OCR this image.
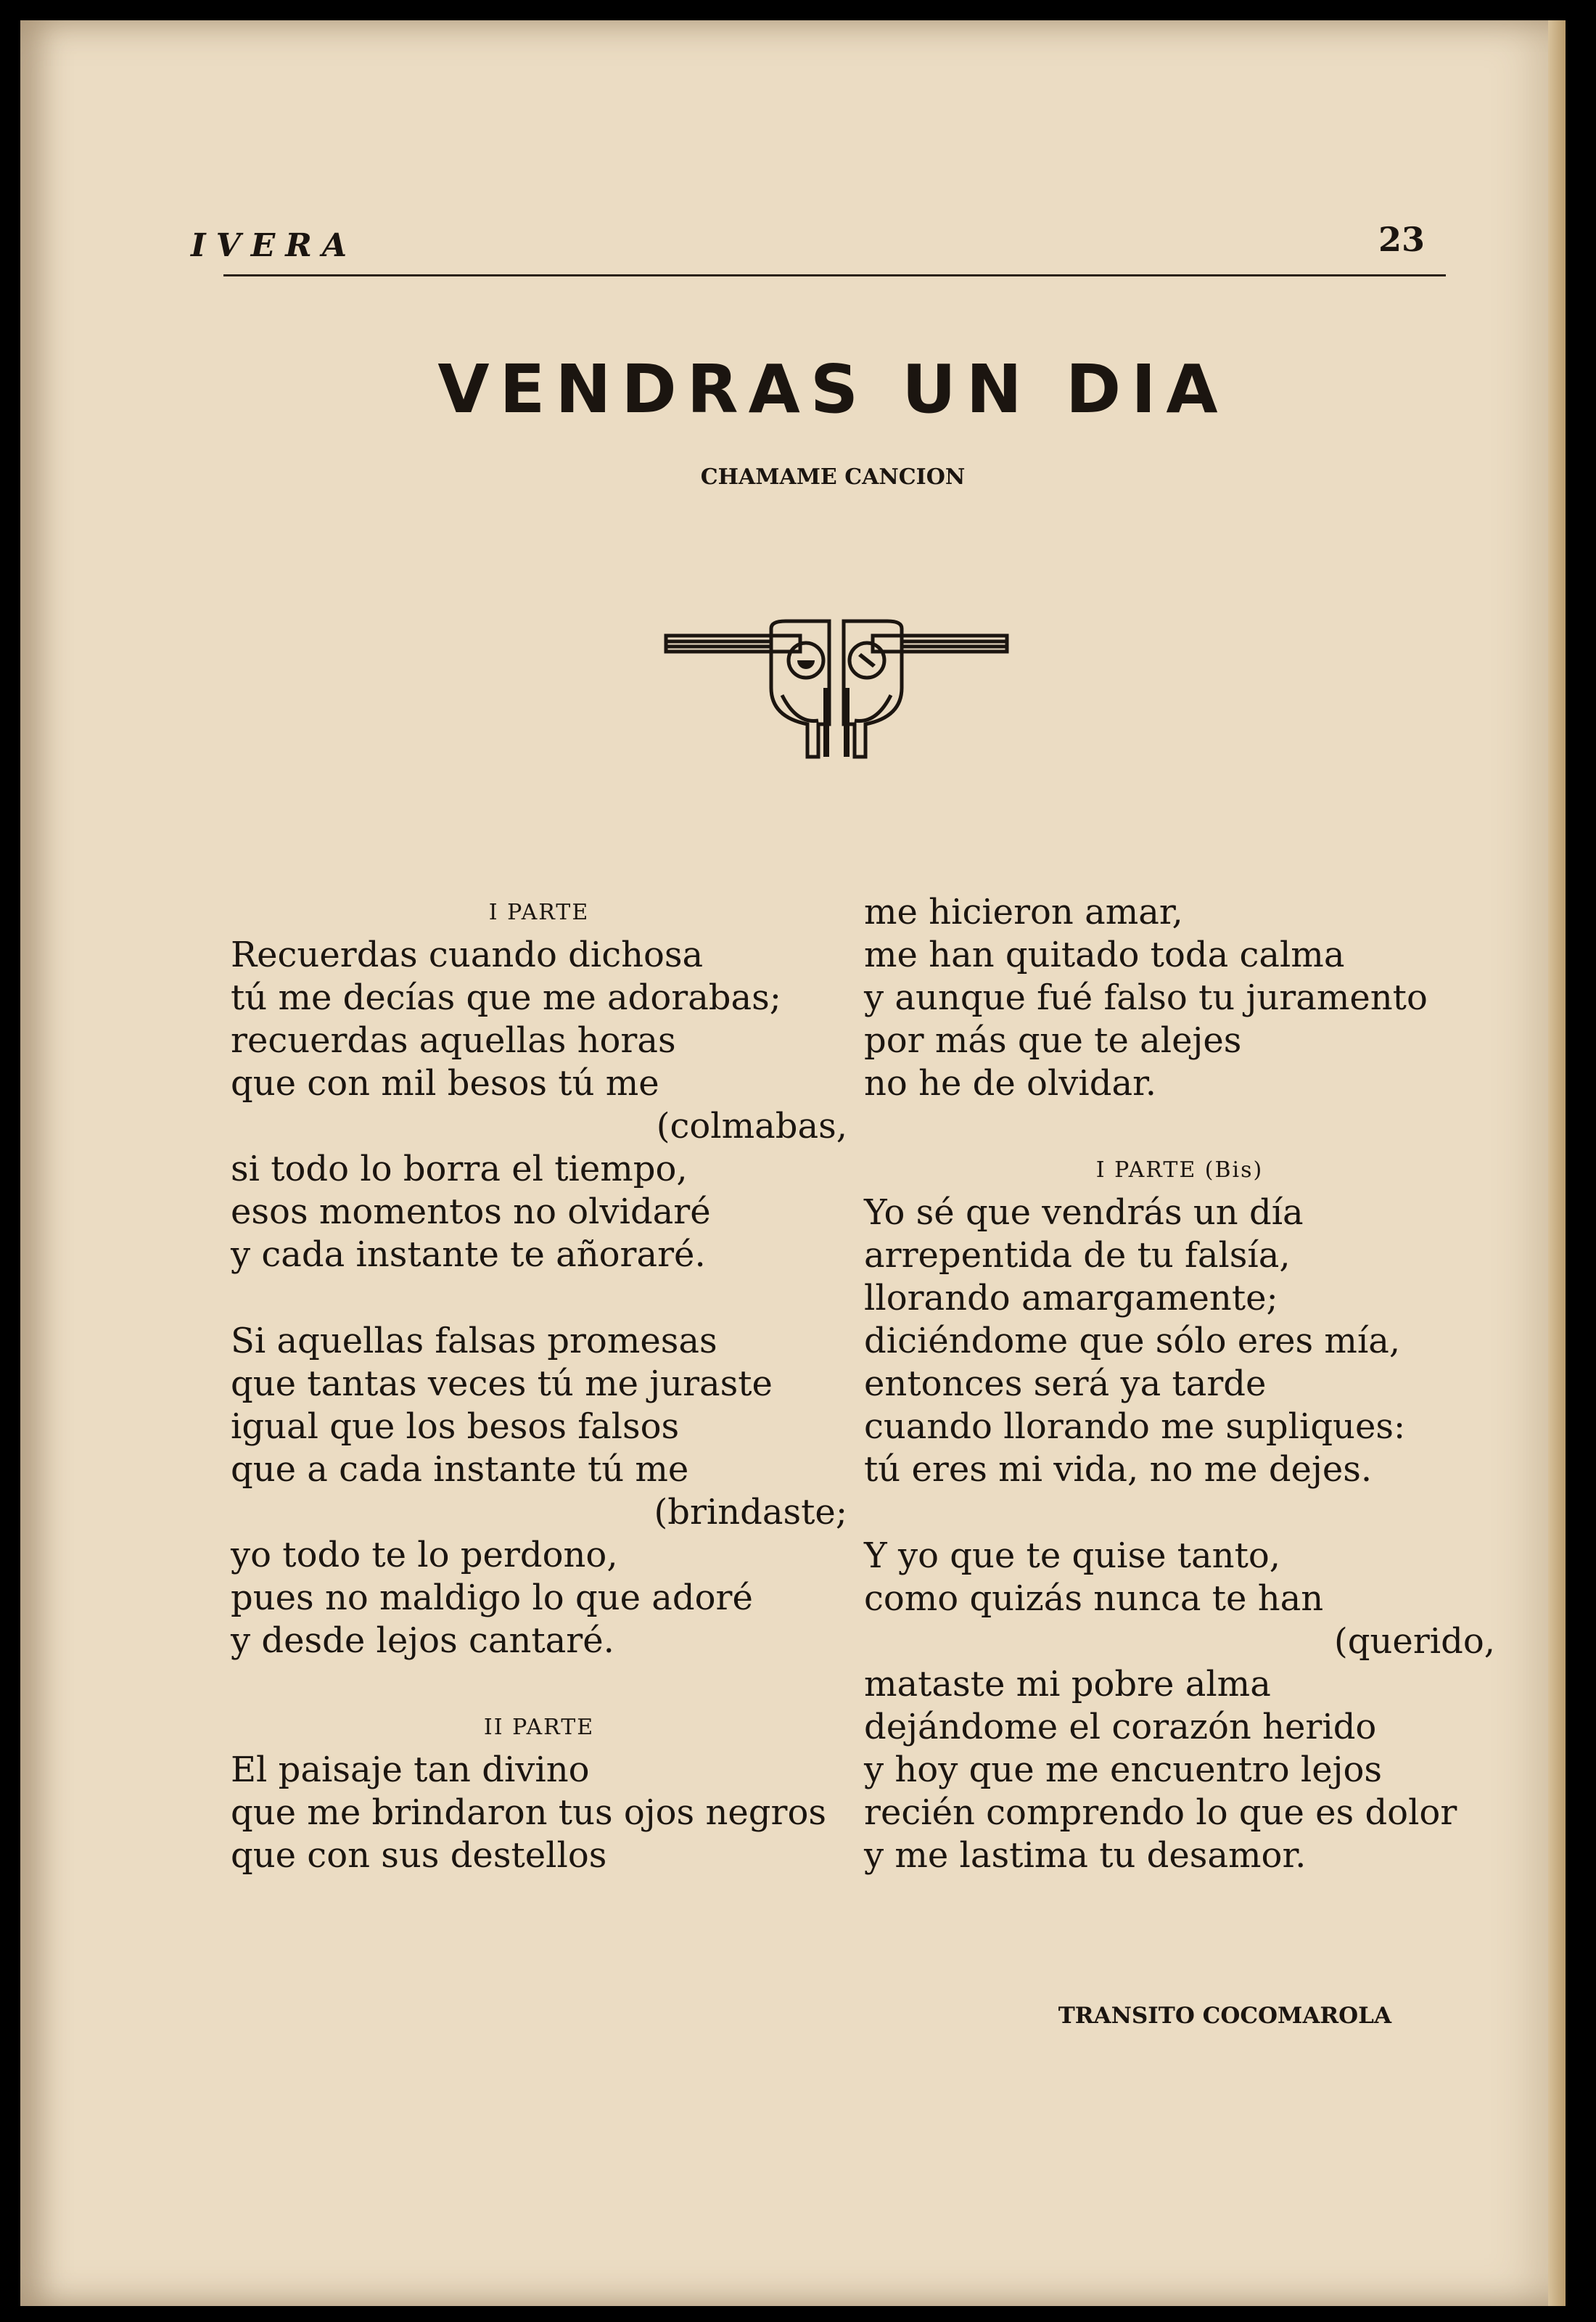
IVERA	23
VENDRAS UN DIA
CHAMAME CANCION
I PARTE
Recuerdas cuando dichosa
tú me decías que me adorabas;
recuerdas aquellas horas
que con mil besos tú me
(colmabas,
si todo lo borra el tiempo,
esos momentos no olvidaré
y cada instante te añoraré.
Si aquellas falsas promesas
que tantas veces tú me juraste
igual que los besos falsos
que a cada instante tú me
(brindaste;
yo todo te lo perdono,
pues no maldigo lo que adoré
y desde lejos cantaré.
II PARTE
El paisaje tan divino
que me brindaron tus ojos negros
que con sus destellos
me hicieron amar,
me han quitado toda calma
y aunque fué falso tu juramento
por más que te alejes
no he de olvidar.
I PARTE (Bis)
Yo sé que vendrás un día
arrepentida de tu falsía,
llorando amargamente;
diciéndome que sólo eres mía,
entonces será ya tarde
cuando llorando me supliques:
tú eres mi vida, no me dejes.
Y yo que te quise tanto,
como quizás nunca te han
(querido,
mataste mi pobre alma
dejándome el corazón herido
y hoy que me encuentro lejos
recién comprendo lo que es dolor
y me lastima tu desamor.
TRANSITO COCOMAROLA
